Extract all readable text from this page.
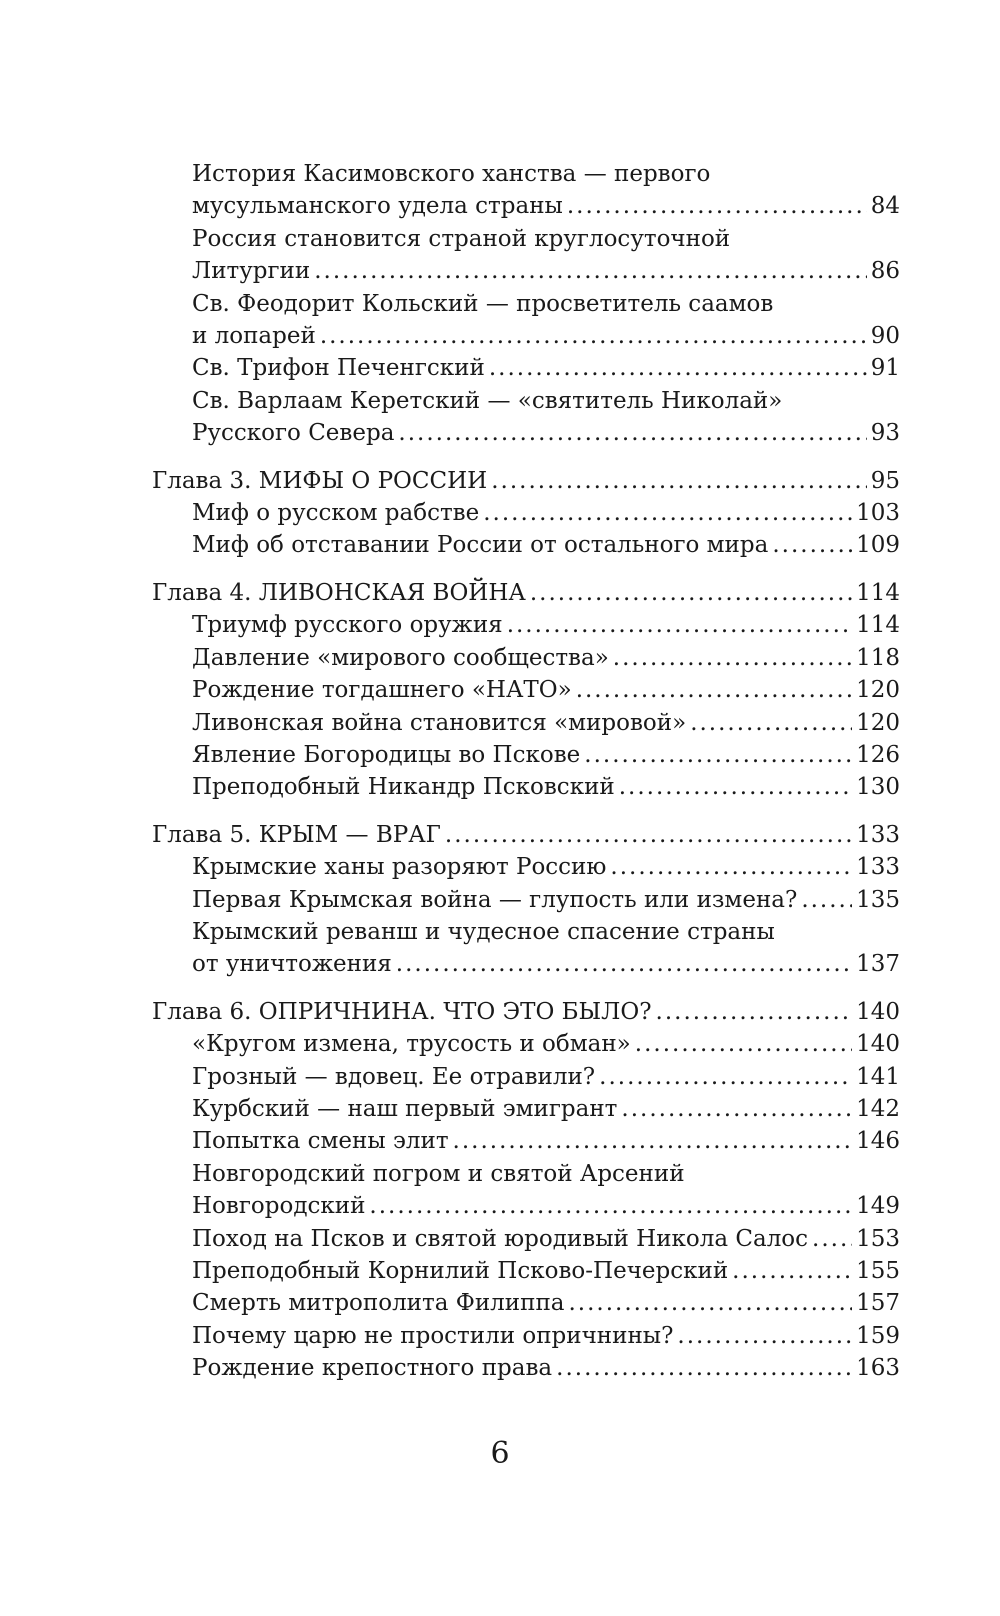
История Касимовского ханства — первого
мусульманского удела страны .....	84
Россия становится страной круглосуточной
Литургии .....	86
Св. Феодорит Кольский — просветитель саамов
и лопарей .....	90
Св. Трифон Печенгский .....	91
Св. Варлаам Керетский — «святитель Николай»
Русского Севера .....	93
Глава 3. МИФЫ О РОССИИ .....	95
Миф о русском рабстве .....	103
Миф об отставании России от остального мира .....	109
Глава 4. ЛИВОНСКАЯ ВОЙНА .....	114
Триумф русского оружия .....	114
Давление «мирового сообщества» .....	118
Рождение тогдашнего «НАТО» .....	120
Ливонская война становится «мировой» .....	120
Явление Богородицы во Пскове .....	126
Преподобный Никандр Псковский .....	130
Глава 5. КРЫМ — ВРАГ .....	133
Крымские ханы разоряют Россию .....	133
Первая Крымская война — глупость или измена? .....	135
Крымский реванш и чудесное спасение страны
от уничтожения .....	137
Глава 6. ОПРИЧНИНА. ЧТО ЭТО БЫЛО? .....	140
«Кругом измена, трусость и обман» .....	140
Грозный — вдовец. Ее отравили? .....	141
Курбский — наш первый эмигрант .....	142
Попытка смены элит .....	146
Новгородский погром и святой Арсений
Новгородский .....	149
Поход на Псков и святой юродивый Никола Салос ..... 153
Преподобный Корнилий Псково-Печерский .....	155
Смерть митрополита Филиппа .....	157
Почему царю не простили опричнины? .....	159
Рождение крепостного права .....	163
6
